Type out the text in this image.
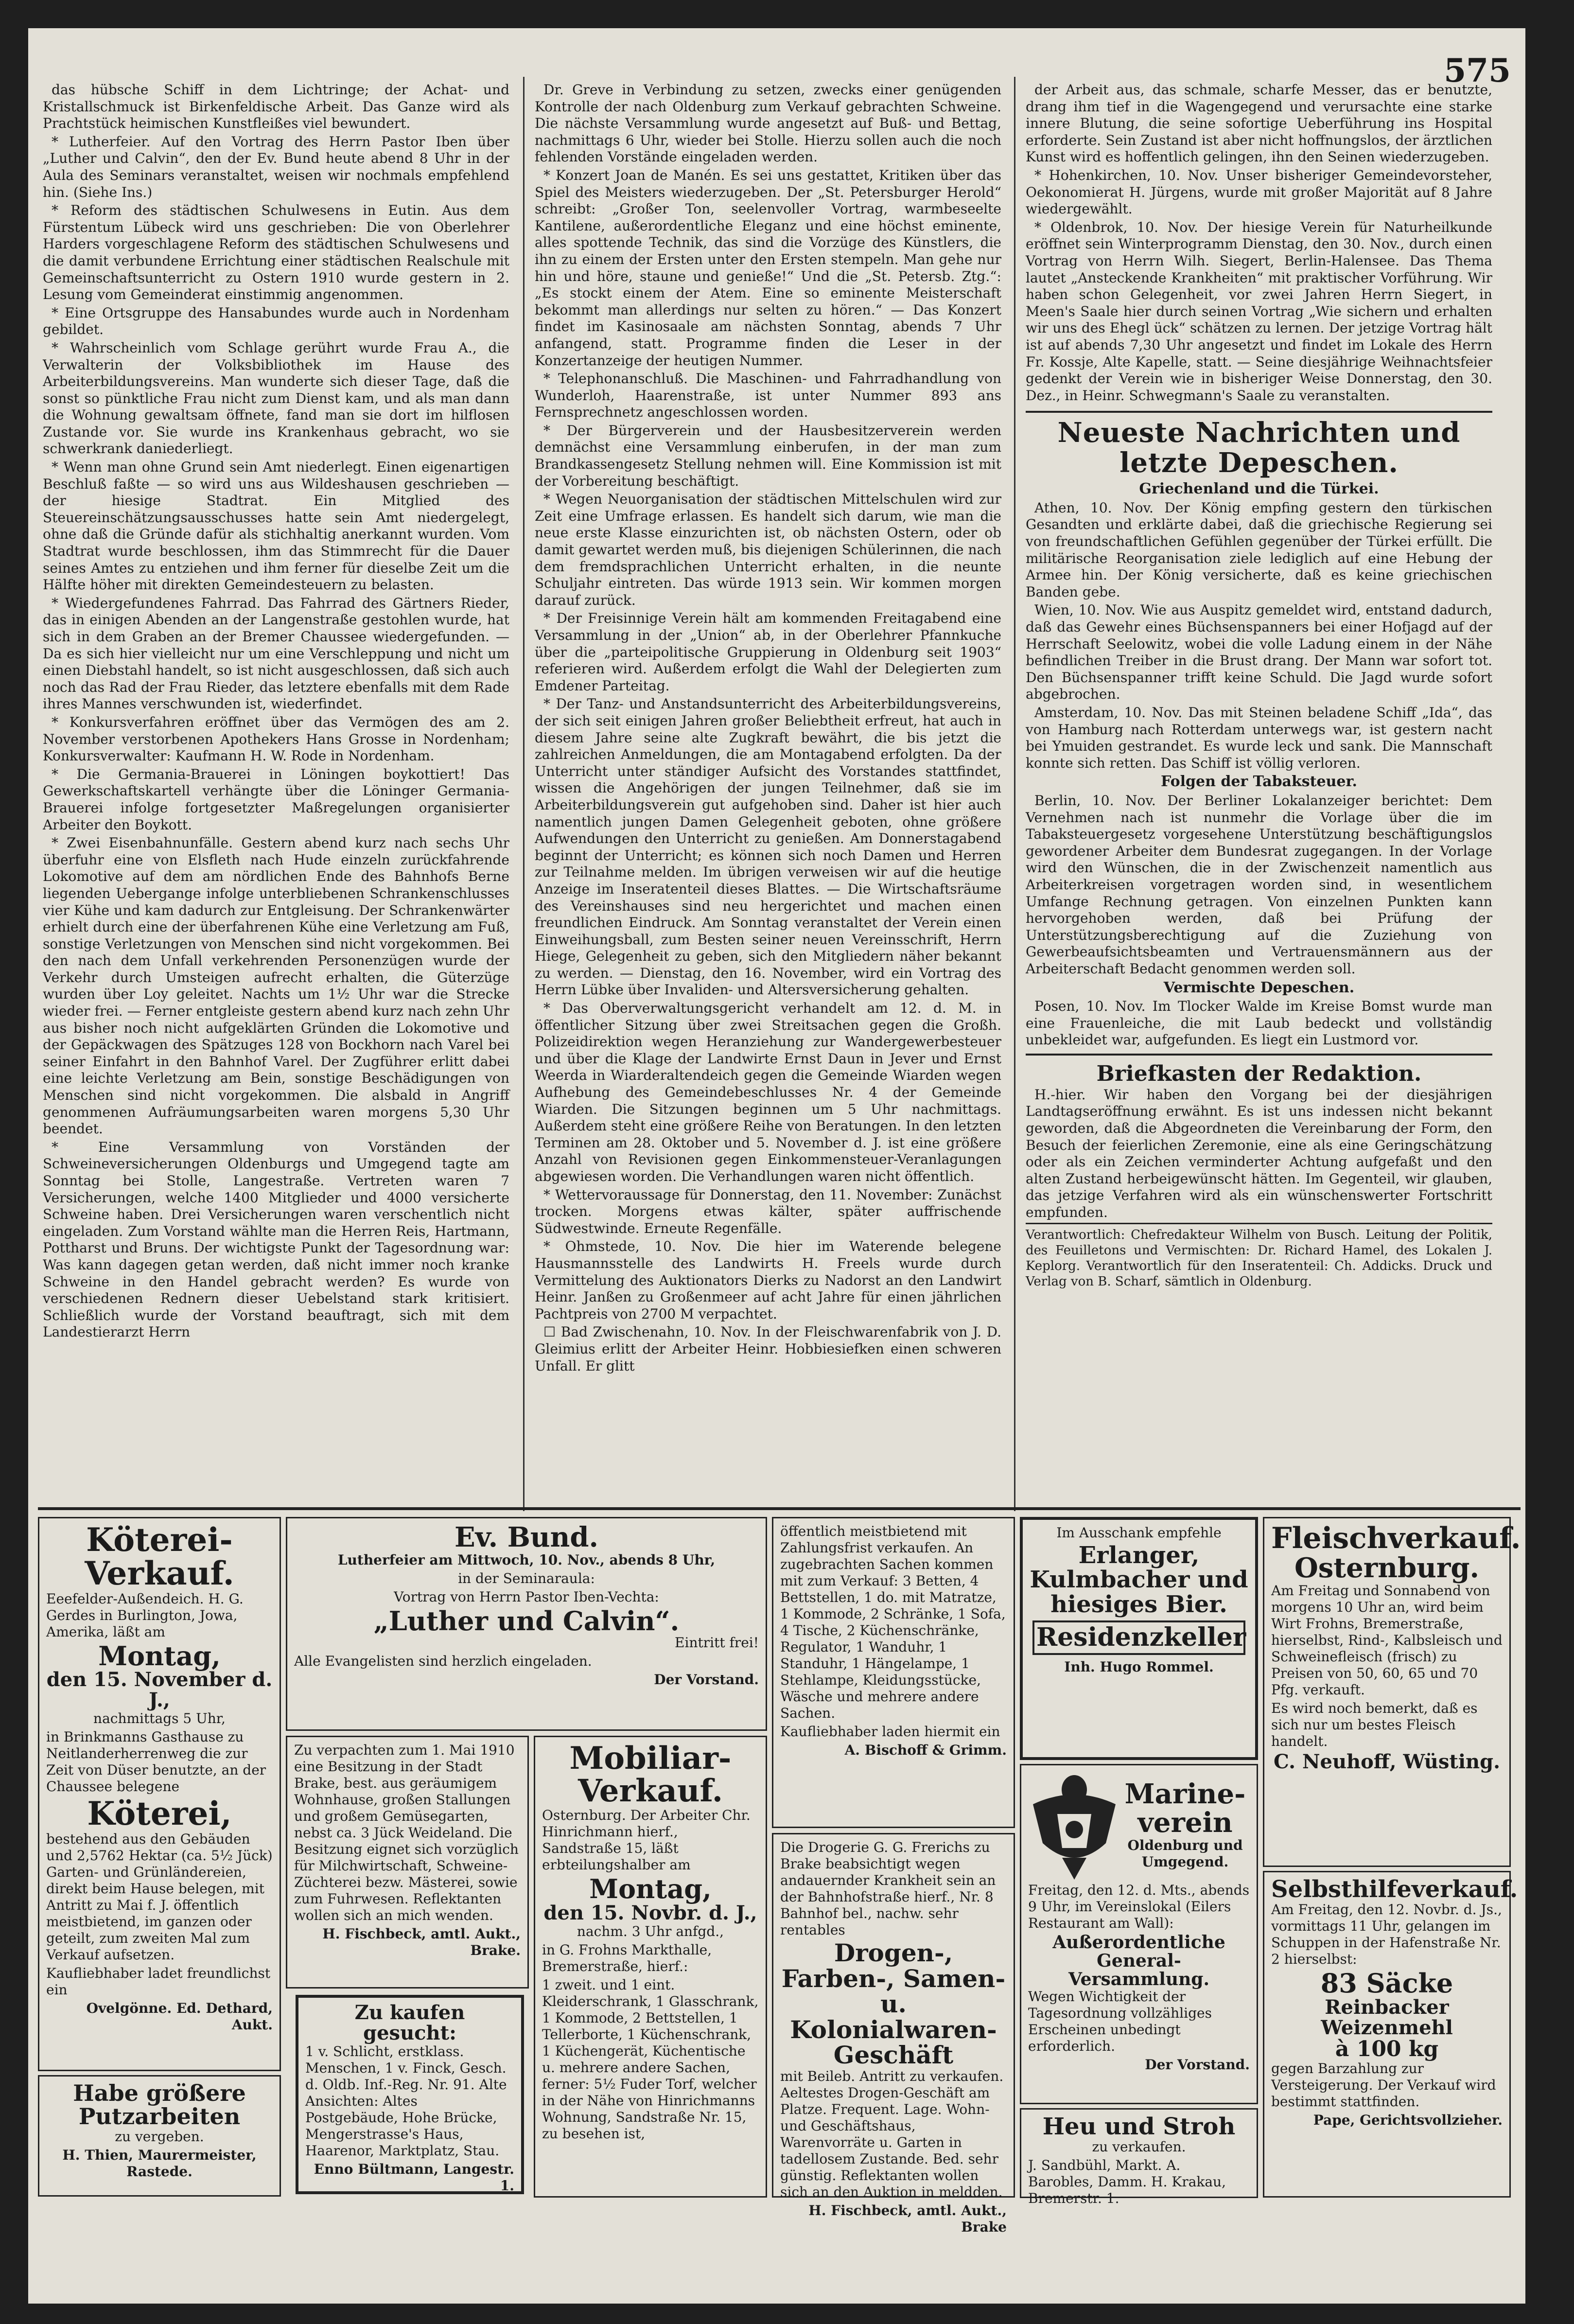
575

das hübsche Schiff in dem Lichtringe; der Achat- und Kristallschmuck ist Birkenfeldische Arbeit. Das Ganze wird als Prachtstück heimischen Kunstfleißes viel bewundert.

* Lutherfeier. Auf den Vortrag des Herrn Pastor Iben über „Luther und Calvin“, den der Ev. Bund heute abend 8 Uhr in der Aula des Seminars veranstaltet, weisen wir nochmals empfehlend hin. (Siehe Ins.)

* Reform des städtischen Schulwesens in Eutin. Aus dem Fürstentum Lübeck wird uns geschrieben: Die von Oberlehrer Harders vorgeschlagene Reform des städtischen Schulwesens und die damit verbundene Errichtung einer städtischen Realschule mit Gemeinschaftsunterricht zu Ostern 1910 wurde gestern in 2. Lesung vom Gemeinderat einstimmig angenommen.

* Eine Ortsgruppe des Hansabundes wurde auch in Nordenham gebildet.

* Wahrscheinlich vom Schlage gerührt wurde Frau A., die Verwalterin der Volksbibliothek im Hause des Arbeiterbildungsvereins. Man wunderte sich dieser Tage, daß die sonst so pünktliche Frau nicht zum Dienst kam, und als man dann die Wohnung gewaltsam öffnete, fand man sie dort im hilflosen Zustande vor. Sie wurde ins Krankenhaus gebracht, wo sie schwerkrank daniederliegt.

* Wenn man ohne Grund sein Amt niederlegt. Einen eigenartigen Beschluß faßte — so wird uns aus Wildeshausen geschrieben — der hiesige Stadtrat. Ein Mitglied des Steuereinschätzungsausschusses hatte sein Amt niedergelegt, ohne daß die Gründe dafür als stichhaltig anerkannt wurden. Vom Stadtrat wurde beschlossen, ihm das Stimmrecht für die Dauer seines Amtes zu entziehen und ihm ferner für dieselbe Zeit um die Hälfte höher mit direkten Gemeindesteuern zu belasten.

* Wiedergefundenes Fahrrad. Das Fahrrad des Gärtners Rieder, das in einigen Abenden an der Langenstraße gestohlen wurde, hat sich in dem Graben an der Bremer Chaussee wiedergefunden. — Da es sich hier vielleicht nur um eine Verschleppung und nicht um einen Diebstahl handelt, so ist nicht ausgeschlossen, daß sich auch noch das Rad der Frau Rieder, das letztere ebenfalls mit dem Rade ihres Mannes verschwunden ist, wiederfindet.

* Konkursverfahren eröffnet über das Vermögen des am 2. November verstorbenen Apothekers Hans Grosse in Nordenham; Konkursverwalter: Kaufmann H. W. Rode in Nordenham.

* Die Germania-Brauerei in Löningen boykottiert! Das Gewerkschaftskartell verhängte über die Löninger Germania-Brauerei infolge fortgesetzter Maßregelungen organisierter Arbeiter den Boykott.

* Zwei Eisenbahnunfälle. Gestern abend kurz nach sechs Uhr überfuhr eine von Elsfleth nach Hude einzeln zurückfahrende Lokomotive auf dem am nördlichen Ende des Bahnhofs Berne liegenden Uebergange infolge unterbliebenen Schrankenschlusses vier Kühe und kam dadurch zur Entgleisung. Der Schrankenwärter erhielt durch eine der überfahrenen Kühe eine Verletzung am Fuß, sonstige Verletzungen von Menschen sind nicht vorgekommen. Bei den nach dem Unfall verkehrenden Personenzügen wurde der Verkehr durch Umsteigen aufrecht erhalten, die Güterzüge wurden über Loy geleitet. Nachts um 1½ Uhr war die Strecke wieder frei. — Ferner entgleiste gestern abend kurz nach zehn Uhr aus bisher noch nicht aufgeklärten Gründen die Lokomotive und der Gepäckwagen des Spätzuges 128 von Bockhorn nach Varel bei seiner Einfahrt in den Bahnhof Varel. Der Zugführer erlitt dabei eine leichte Verletzung am Bein, sonstige Beschädigungen von Menschen sind nicht vorgekommen. Die alsbald in Angriff genommenen Aufräumungsarbeiten waren morgens 5,30 Uhr beendet.

* Eine Versammlung von Vorständen der Schweineversicherungen Oldenburgs und Umgegend tagte am Sonntag bei Stolle, Langestraße. Vertreten waren 7 Versicherungen, welche 1400 Mitglieder und 4000 versicherte Schweine haben. Drei Versicherungen waren verschentlich nicht eingeladen. Zum Vorstand wählte man die Herren Reis, Hartmann, Pottharst und Bruns. Der wichtigste Punkt der Tagesordnung war: Was kann dagegen getan werden, daß nicht immer noch kranke Schweine in den Handel gebracht werden? Es wurde von verschiedenen Rednern dieser Uebelstand stark kritisiert. Schließlich wurde der Vorstand beauftragt, sich mit dem Landestierarzt Herrn

Dr. Greve in Verbindung zu setzen, zwecks einer genügenden Kontrolle der nach Oldenburg zum Verkauf gebrachten Schweine. Die nächste Versammlung wurde angesetzt auf Buß- und Bettag, nachmittags 6 Uhr, wieder bei Stolle. Hierzu sollen auch die noch fehlenden Vorstände eingeladen werden.

* Konzert Joan de Manén. Es sei uns gestattet, Kritiken über das Spiel des Meisters wiederzugeben. Der „St. Petersburger Herold“ schreibt: „Großer Ton, seelenvoller Vortrag, warmbeseelte Kantilene, außerordentliche Eleganz und eine höchst eminente, alles spottende Technik, das sind die Vorzüge des Künstlers, die ihn zu einem der Ersten unter den Ersten stempeln. Man gehe nur hin und höre, staune und genieße!“ Und die „St. Petersb. Ztg.“: „Es stockt einem der Atem. Eine so eminente Meisterschaft bekommt man allerdings nur selten zu hören.“ — Das Konzert findet im Kasinosaale am nächsten Sonntag, abends 7 Uhr anfangend, statt. Programme finden die Leser in der Konzertanzeige der heutigen Nummer.

* Telephonanschluß. Die Maschinen- und Fahrradhandlung von Wunderloh, Haarenstraße, ist unter Nummer 893 ans Fernsprechnetz angeschlossen worden.

* Der Bürgerverein und der Hausbesitzerverein werden demnächst eine Versammlung einberufen, in der man zum Brandkassengesetz Stellung nehmen will. Eine Kommission ist mit der Vorbereitung beschäftigt.

* Wegen Neuorganisation der städtischen Mittelschulen wird zur Zeit eine Umfrage erlassen. Es handelt sich darum, wie man die neue erste Klasse einzurichten ist, ob nächsten Ostern, oder ob damit gewartet werden muß, bis diejenigen Schülerinnen, die nach dem fremdsprachlichen Unterricht erhalten, in die neunte Schuljahr eintreten. Das würde 1913 sein. Wir kommen morgen darauf zurück.

* Der Freisinnige Verein hält am kommenden Freitagabend eine Versammlung in der „Union“ ab, in der Oberlehrer Pfannkuche über die „parteipolitische Gruppierung in Oldenburg seit 1903“ referieren wird. Außerdem erfolgt die Wahl der Delegierten zum Emdener Parteitag.

* Der Tanz- und Anstandsunterricht des Arbeiterbildungsvereins, der sich seit einigen Jahren großer Beliebtheit erfreut, hat auch in diesem Jahre seine alte Zugkraft bewährt, die bis jetzt die zahlreichen Anmeldungen, die am Montagabend erfolgten. Da der Unterricht unter ständiger Aufsicht des Vorstandes stattfindet, wissen die Angehörigen der jungen Teilnehmer, daß sie im Arbeiterbildungsverein gut aufgehoben sind. Daher ist hier auch namentlich jungen Damen Gelegenheit geboten, ohne größere Aufwendungen den Unterricht zu genießen. Am Donnerstagabend beginnt der Unterricht; es können sich noch Damen und Herren zur Teilnahme melden. Im übrigen verweisen wir auf die heutige Anzeige im Inseratenteil dieses Blattes. — Die Wirtschaftsräume des Vereinshauses sind neu hergerichtet und machen einen freundlichen Eindruck. Am Sonntag veranstaltet der Verein einen Einweihungsball, zum Besten seiner neuen Vereinsschrift, Herrn Hiege, Gelegenheit zu geben, sich den Mitgliedern näher bekannt zu werden. — Dienstag, den 16. November, wird ein Vortrag des Herrn Lübke über Invaliden- und Altersversicherung gehalten.

* Das Oberverwaltungsgericht verhandelt am 12. d. M. in öffentlicher Sitzung über zwei Streitsachen gegen die Großh. Polizeidirektion wegen Heranziehung zur Wandergewerbesteuer und über die Klage der Landwirte Ernst Daun in Jever und Ernst Weerda in Wiarderaltendeich gegen die Gemeinde Wiarden wegen Aufhebung des Gemeindebeschlusses Nr. 4 der Gemeinde Wiarden. Die Sitzungen beginnen um 5 Uhr nachmittags. Außerdem steht eine größere Reihe von Beratungen. In den letzten Terminen am 28. Oktober und 5. November d. J. ist eine größere Anzahl von Revisionen gegen Einkommensteuer-Veranlagungen abgewiesen worden. Die Verhandlungen waren nicht öffentlich.

* Wettervoraussage für Donnerstag, den 11. November: Zunächst trocken. Morgens etwas kälter, später auffrischende Südwestwinde. Erneute Regenfälle.

* Ohmstede, 10. Nov. Die hier im Waterende belegene Hausmannsstelle des Landwirts H. Freels wurde durch Vermittelung des Auktionators Dierks zu Nadorst an den Landwirt Heinr. Janßen zu Großenmeer auf acht Jahre für einen jährlichen Pachtpreis von 2700 M verpachtet.

☐ Bad Zwischenahn, 10. Nov. In der Fleischwarenfabrik von J. D. Gleimius erlitt der Arbeiter Heinr. Hobbiesiefken einen schweren Unfall. Er glitt

der Arbeit aus, das schmale, scharfe Messer, das er benutzte, drang ihm tief in die Wagengegend und verursachte eine starke innere Blutung, die seine sofortige Ueberführung ins Hospital erforderte. Sein Zustand ist aber nicht hoffnungslos, der ärztlichen Kunst wird es hoffentlich gelingen, ihn den Seinen wiederzugeben.

* Hohenkirchen, 10. Nov. Unser bisheriger Gemeindevorsteher, Oekonomierat H. Jürgens, wurde mit großer Majorität auf 8 Jahre wiedergewählt.

* Oldenbrok, 10. Nov. Der hiesige Verein für Naturheilkunde eröffnet sein Winterprogramm Dienstag, den 30. Nov., durch einen Vortrag von Herrn Wilh. Siegert, Berlin-Halensee. Das Thema lautet „Ansteckende Krankheiten“ mit praktischer Vorführung. Wir haben schon Gelegenheit, vor zwei Jahren Herrn Siegert, in Meen's Saale hier durch seinen Vortrag „Wie sichern und erhalten wir uns des Ehegl ück“ schätzen zu lernen. Der jetzige Vortrag hält ist auf abends 7,30 Uhr angesetzt und findet im Lokale des Herrn Fr. Kossje, Alte Kapelle, statt. — Seine diesjährige Weihnachtsfeier gedenkt der Verein wie in bisheriger Weise Donnerstag, den 30. Dez., in Heinr. Schwegmann's Saale zu veranstalten.

Neueste Nachrichten und letzte Depeschen.
Griechenland und die Türkei.

Athen, 10. Nov. Der König empfing gestern den türkischen Gesandten und erklärte dabei, daß die griechische Regierung sei von freundschaftlichen Gefühlen gegenüber der Türkei erfüllt. Die militärische Reorganisation ziele lediglich auf eine Hebung der Armee hin. Der König versicherte, daß es keine griechischen Banden gebe.

Wien, 10. Nov. Wie aus Auspitz gemeldet wird, entstand dadurch, daß das Gewehr eines Büchsenspanners bei einer Hofjagd auf der Herrschaft Seelowitz, wobei die volle Ladung einem in der Nähe befindlichen Treiber in die Brust drang. Der Mann war sofort tot. Den Büchsenspanner trifft keine Schuld. Die Jagd wurde sofort abgebrochen.

Amsterdam, 10. Nov. Das mit Steinen beladene Schiff „Ida“, das von Hamburg nach Rotterdam unterwegs war, ist gestern nacht bei Ymuiden gestrandet. Es wurde leck und sank. Die Mannschaft konnte sich retten. Das Schiff ist völlig verloren.

Folgen der Tabaksteuer.

Berlin, 10. Nov. Der Berliner Lokalanzeiger berichtet: Dem Vernehmen nach ist nunmehr die Vorlage über die im Tabaksteuergesetz vorgesehene Unterstützung beschäftigungslos gewordener Arbeiter dem Bundesrat zugegangen. In der Vorlage wird den Wünschen, die in der Zwischenzeit namentlich aus Arbeiterkreisen vorgetragen worden sind, in wesentlichem Umfange Rechnung getragen. Von einzelnen Punkten kann hervorgehoben werden, daß bei Prüfung der Unterstützungsberechtigung auf die Zuziehung von Gewerbeaufsichtsbeamten und Vertrauensmännern aus der Arbeiterschaft Bedacht genommen werden soll.

Vermischte Depeschen.

Posen, 10. Nov. Im Tlocker Walde im Kreise Bomst wurde man eine Frauenleiche, die mit Laub bedeckt und vollständig unbekleidet war, aufgefunden. Es liegt ein Lustmord vor.

Briefkasten der Redaktion.

H.-hier. Wir haben den Vorgang bei der diesjährigen Landtagseröffnung erwähnt. Es ist uns indessen nicht bekannt geworden, daß die Abgeordneten die Vereinbarung der Form, den Besuch der feierlichen Zeremonie, eine als eine Geringschätzung oder als ein Zeichen verminderter Achtung aufgefaßt und den alten Zustand herbeigewünscht hätten. Im Gegenteil, wir glauben, das jetzige Verfahren wird als ein wünschenswerter Fortschritt empfunden.

Verantwortlich: Chefredakteur Wilhelm von Busch. Leitung der Politik, des Feuilletons und Vermischten: Dr. Richard Hamel, des Lokalen J. Keplorg. Verantwortlich für den Inseratenteil: Ch. Addicks. Druck und Verlag von B. Scharf, sämtlich in Oldenburg.
Köterei-Verkauf.

Eeefelder-Außendeich. H. G. Gerdes in Burlington, Jowa, Amerika, läßt am

Montag,
den 15. November d. J.,

nachmittags 5 Uhr,

in Brinkmanns Gasthause zu Neitlanderherrenweg die zur Zeit von Düser benutzte, an der Chaussee belegene

Köterei,

bestehend aus den Gebäuden und 2,5762 Hektar (ca. 5½ Jück) Garten- und Grünländereien, direkt beim Hause belegen, mit Antritt zu Mai f. J. öffentlich meistbietend, im ganzen oder geteilt, zum zweiten Mal zum Verkauf aufsetzen.

Kaufliebhaber ladet freundlichst ein

Ovelgönne. Ed. Dethard, Aukt.

Habe größere Putzarbeiten

zu vergeben.

H. Thien, Maurermeister, Rastede.

Ev. Bund.

Lutherfeier am Mittwoch, 10. Nov., abends 8 Uhr,

in der Seminaraula:

Vortrag von Herrn Pastor Iben-Vechta:

„Luther und Calvin“.

Eintritt frei!

Alle Evangelisten sind herzlich eingeladen.

Der Vorstand.

Zu verpachten zum 1. Mai 1910 eine Besitzung in der Stadt Brake, best. aus geräumigem Wohnhause, großen Stallungen und großem Gemüsegarten, nebst ca. 3 Jück Weideland. Die Besitzung eignet sich vorzüglich für Milchwirtschaft, Schweine-Züchterei bezw. Mästerei, sowie zum Fuhrwesen. Reflektanten wollen sich an mich wenden.

H. Fischbeck, amtl. Aukt., Brake.

Zu kaufen gesucht:

1 v. Schlicht, erstklass. Menschen, 1 v. Finck, Gesch. d. Oldb. Inf.-Reg. Nr. 91. Alte Ansichten: Altes Postgebäude, Hohe Brücke, Mengerstrasse's Haus, Haarenor, Marktplatz, Stau.

Enno Bültmann, Langestr. 1.

Mobiliar-Verkauf.

Osternburg. Der Arbeiter Chr. Hinrichmann hierf., Sandstraße 15, läßt erbteilungshalber am

Montag,
den 15. Novbr. d. J.,

nachm. 3 Uhr anfgd.,

in G. Frohns Markthalle, Bremerstraße, hierf.:

1 zweit. und 1 eint. Kleiderschrank, 1 Glasschrank, 1 Kommode, 2 Bettstellen, 1 Tellerborte, 1 Küchenschrank, 1 Küchengerät, Küchentische u. mehrere andere Sachen, ferner: 5½ Fuder Torf, welcher in der Nähe von Hinrichmanns Wohnung, Sandstraße Nr. 15, zu besehen ist,

öffentlich meistbietend mit Zahlungsfrist verkaufen. An zugebrachten Sachen kommen mit zum Verkauf: 3 Betten, 4 Bettstellen, 1 do. mit Matratze, 1 Kommode, 2 Schränke, 1 Sofa, 4 Tische, 2 Küchenschränke, Regulator, 1 Wanduhr, 1 Standuhr, 1 Hängelampe, 1 Stehlampe, Kleidungsstücke, Wäsche und mehrere andere Sachen.

Kaufliebhaber laden hiermit ein

A. Bischoff & Grimm.

Die Drogerie G. G. Frerichs zu Brake beabsichtigt wegen andauernder Krankheit sein an der Bahnhofstraße hierf., Nr. 8 Bahnhof bel., nachw. sehr rentables

Drogen-, Farben-, Samen- u. Kolonialwaren-Geschäft

mit Beileb. Antritt zu verkaufen. Aeltestes Drogen-Geschäft am Platze. Frequent. Lage. Wohn- und Geschäftshaus, Warenvorräte u. Garten in tadellosem Zustande. Bed. sehr günstig. Reflektanten wollen sich an den Auktion in meldden.

H. Fischbeck, amtl. Aukt., Brake

Im Ausschank empfehle

Erlanger, Kulmbacher und hiesiges Bier.
Residenzkeller

Inh. Hugo Rommel.

Marine-verein

Oldenburg und Umgegend.

Freitag, den 12. d. Mts., abends 9 Uhr, im Vereinslokal (Eilers Restaurant am Wall):

Außerordentliche General-Versammlung.

Wegen Wichtigkeit der Tagesordnung vollzähliges Erscheinen unbedingt erforderlich.

Der Vorstand.

Heu und Stroh

zu verkaufen.

J. Sandbühl, Markt. A. Barobles, Damm. H. Krakau, Bremerstr. 1.

Fleischverkauf.
Osternburg.

Am Freitag und Sonnabend von morgens 10 Uhr an, wird beim Wirt Frohns, Bremerstraße, hierselbst, Rind-, Kalbsleisch und Schweinefleisch (frisch) zu Preisen von 50, 60, 65 und 70 Pfg. verkauft.

Es wird noch bemerkt, daß es sich nur um bestes Fleisch handelt.

C. Neuhoff, Wüsting.
Selbsthilfeverkauf.

Am Freitag, den 12. Novbr. d. Js., vormittags 11 Uhr, gelangen im Schuppen in der Hafenstraße Nr. 2 hierselbst:

83 Säcke
Reinbacker Weizenmehl
à 100 kg

gegen Barzahlung zur Versteigerung. Der Verkauf wird bestimmt stattfinden.

Pape, Gerichtsvollzieher.
